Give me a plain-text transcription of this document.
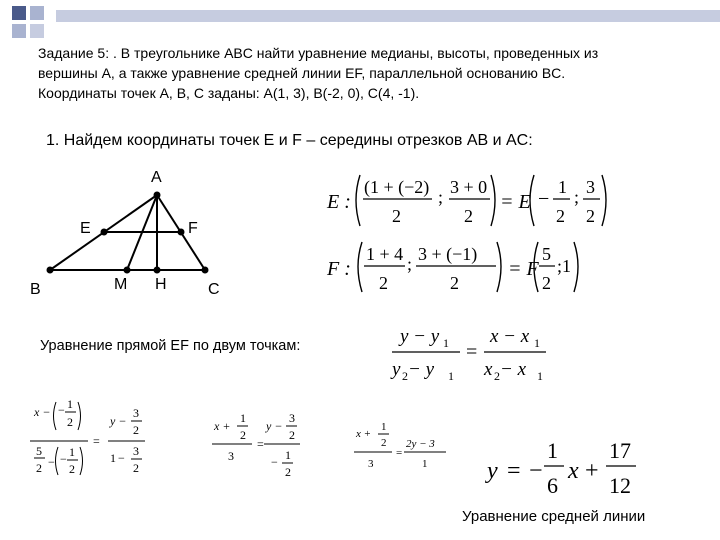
Задание 5: . В треугольнике ABC найти уравнение медианы, высоты, проведенных из
вершины A, а также уравнение средней линии EF, параллельной основанию BC.
Координаты точек A, B, C заданы: A(1, 3), B(-2, 0), C(4, -1).
1. Найдем координаты точек E и F – середины отрезков AB и AC:
A
B	C
E	F
M H
E :
(1 + (−2)
2
; 3 + 0
2
= E −
1
2
; 3
2
F :
1 + 4
2
; 3 + (−1)
2
= F
5
2
;1
Уравнение прямой EF по двум точкам:	y − y 1
y 2 − y 1
=
x − x 1
x 2 − x 1
x − − 1
2
5
2 − − 1
2
=
y −
3
2
1 − 3
2
x +
1
2
3
=
y −
3
2
− 1
2
x +
1
2
3
=
2y − 3
1 y = −
1
6
x +
17
12
Уравнение средней линии
